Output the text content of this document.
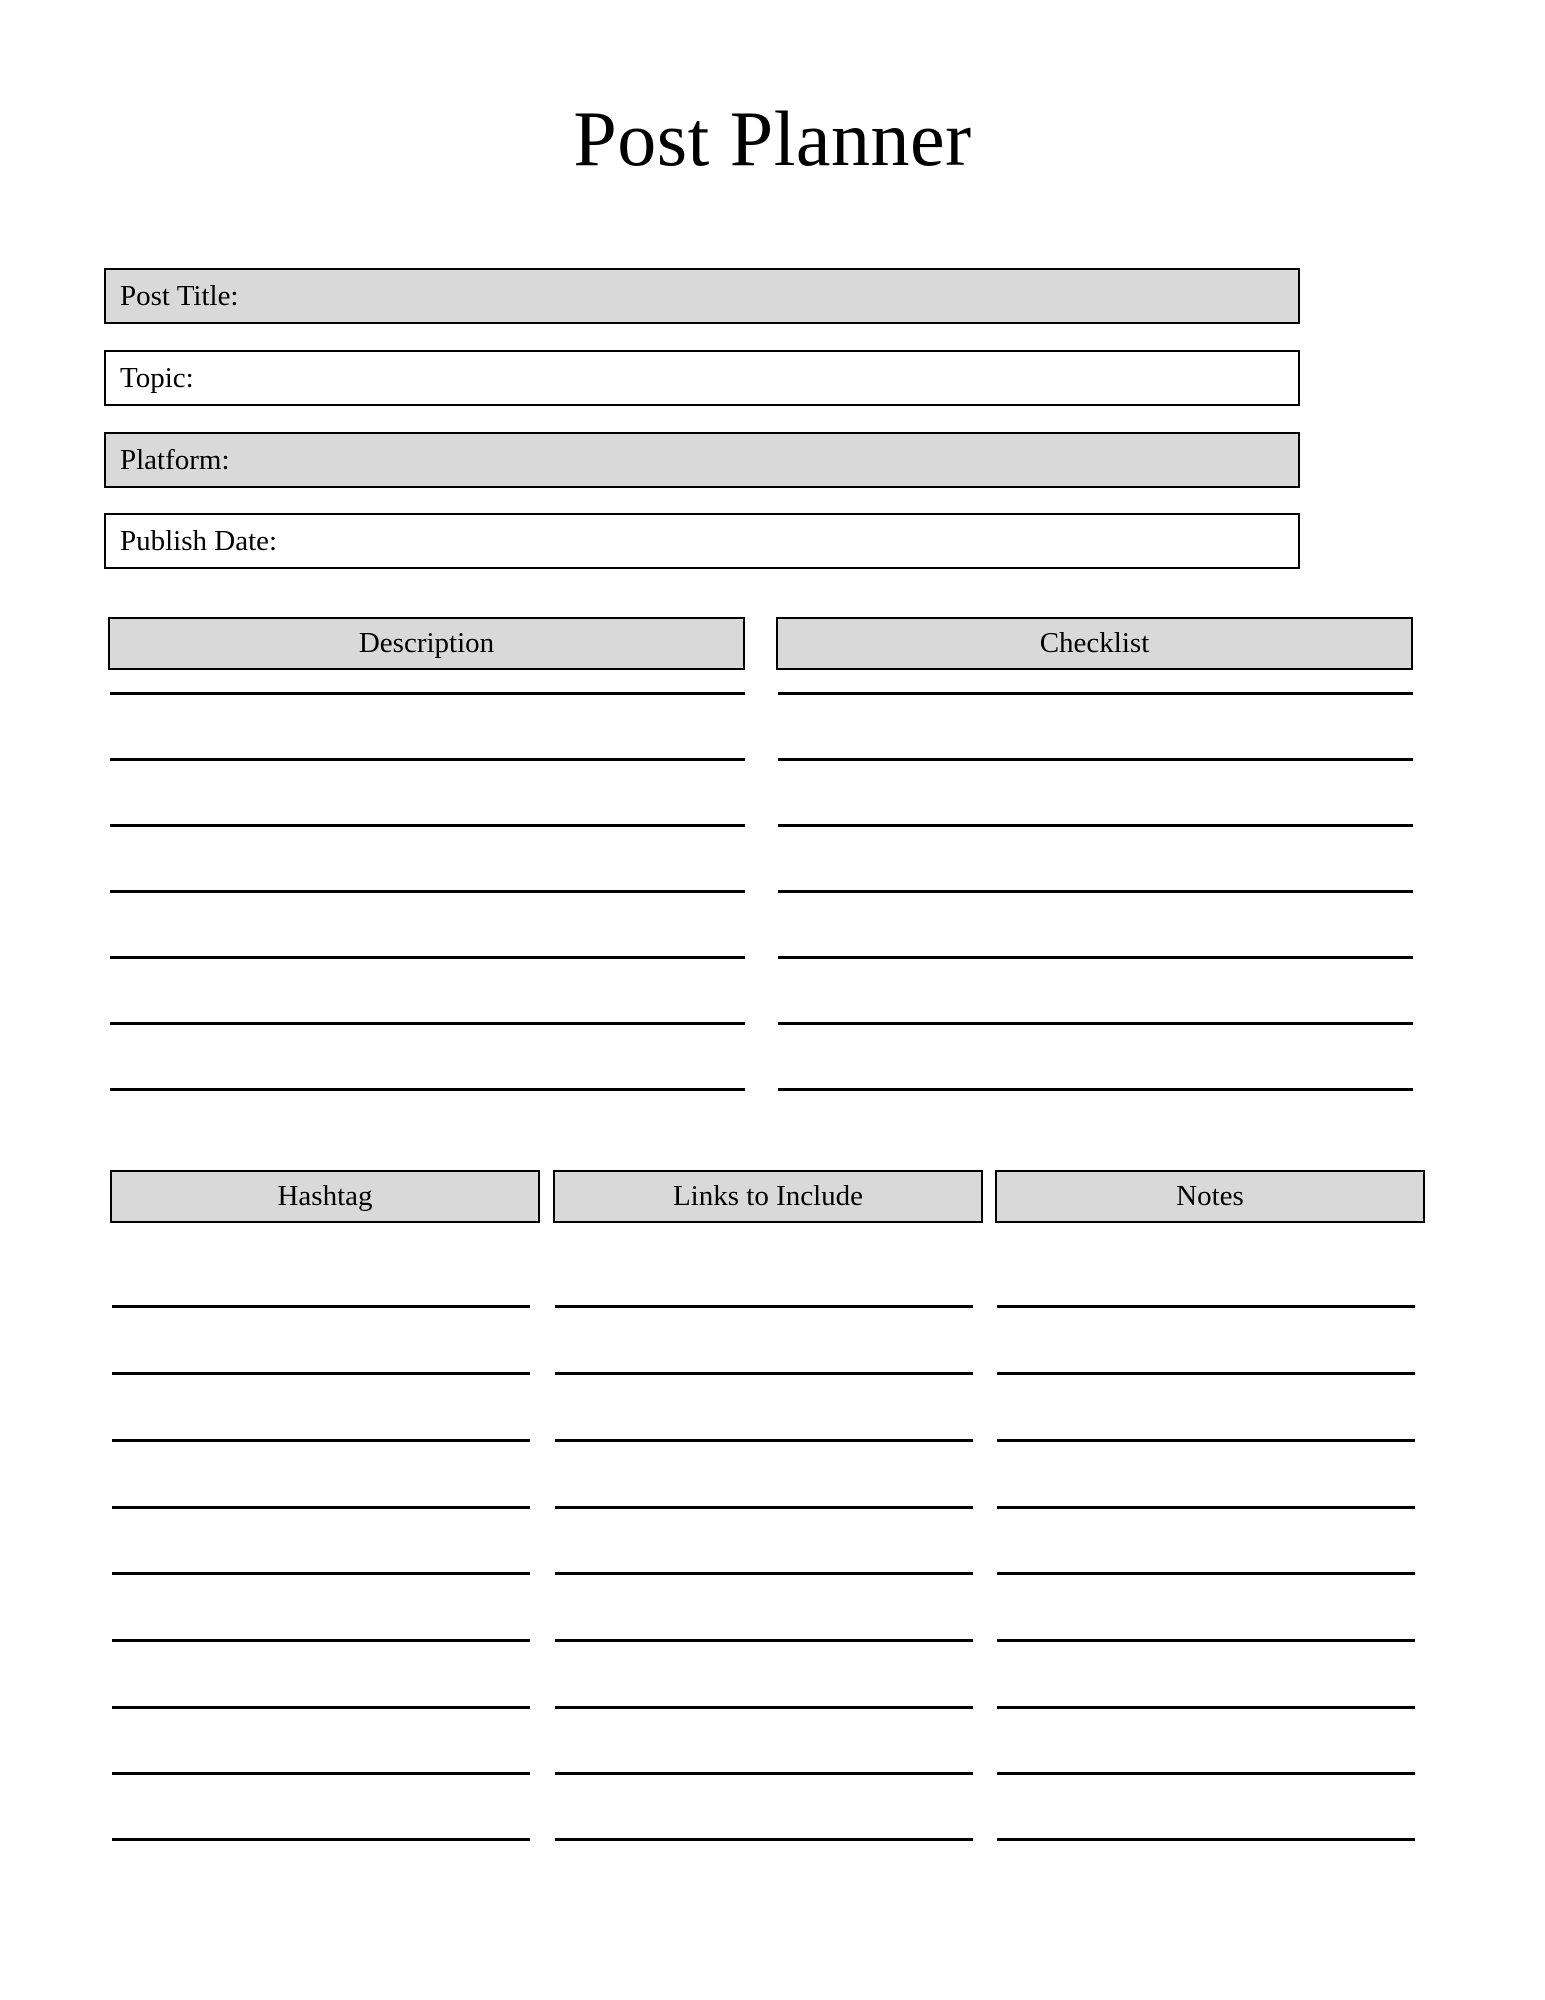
Post Planner
Post Title:
Topic:
Platform:
Publish Date:
Description	Checklist
Hashtag	Links to Include	Notes
